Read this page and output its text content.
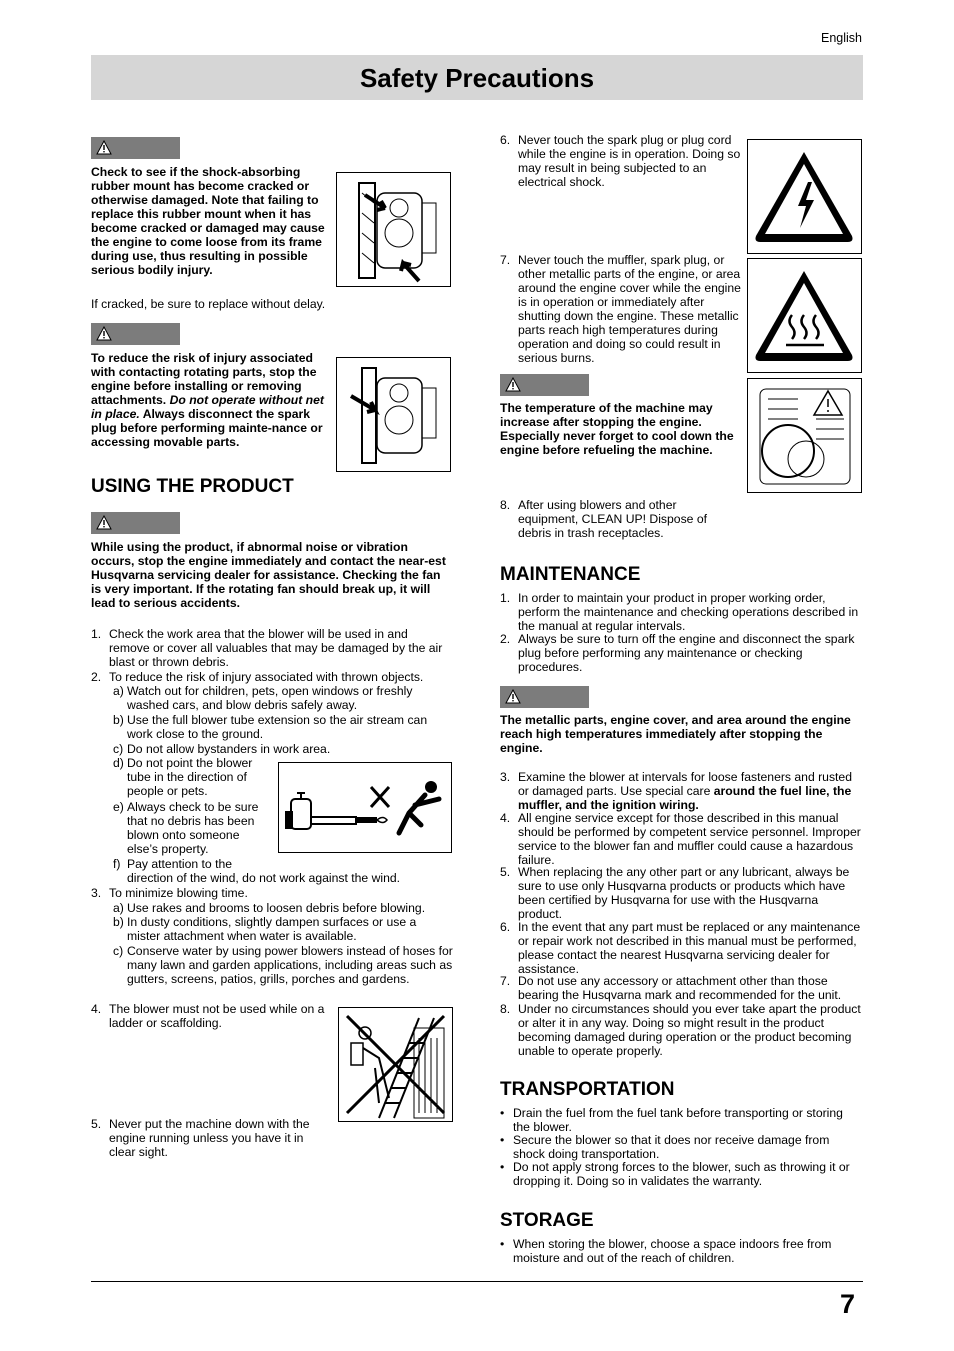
English
Safety Precautions

Check to see if the shock-absorbing rubber mount has become cracked or otherwise damaged. Note that failing to replace this rubber mount when it has become cracked or damaged may cause the engine to come loose from its frame during use, thus resulting in possible serious bodily injury.

If cracked, be sure to replace without delay.

To reduce the risk of injury associated with contacting rotating parts, stop the engine before installing or removing attachments. Do not operate without net in place. Always disconnect the spark plug before performing mainte-nance or accessing movable parts.

USING THE PRODUCT

While using the product, if abnormal noise or vibration occurs, stop the engine immediately and contact the near-est Husqvarna servicing dealer for assistance. Checking the fan is very important. If the rotating fan should break up, it will lead to serious accidents.

1. Check the work area that the blower will be used in and remove or cover all valuables that may be damaged by the air blast or thrown debris.

2. To reduce the risk of injury associated with thrown objects.

a) Watch out for children, pets, open windows or freshly washed cars, and blow debris safely away.

b) Use the full blower tube extension so the air stream can work close to the ground.

c) Do not allow bystanders in work area.

d) Do not point the blower tube in the direction of people or pets.

e) Always check to be sure that no debris has been blown onto someone else’s property.

f) Pay attention to the

direction of the wind, do not work against the wind.

3. To minimize blowing time.

a) Use rakes and brooms to loosen debris before blowing.

b) In dusty conditions, slightly dampen surfaces or use a mister attachment when water is available.

c) Conserve water by using power blowers instead of hoses for many lawn and garden applications, including areas such as gutters, screens, patios, grills, porches and gardens.

4. The blower must not be used while on a ladder or scaffolding.

5. Never put the machine down with the engine running unless you have it in clear sight.

6. Never touch the spark plug or plug cord while the engine is in operation. Doing so may result in being subjected to an electrical shock.

7. Never touch the muffler, spark plug, or other metallic parts of the engine, or area around the engine cover while the engine is in operation or immediately after shutting down the engine. These metallic parts reach high temperatures during operation and doing so could result in serious burns.

The temperature of the machine may increase after stopping the engine. Especially never forget to cool down the engine before refueling the machine.

8. After using blowers and other equipment, CLEAN UP! Dispose of debris in trash receptacles.

MAINTENANCE
1. In order to maintain your product in proper working order, perform the maintenance and checking operations described in the manual at regular intervals.

2. Always be sure to turn off the engine and disconnect the spark plug before performing any maintenance or checking procedures.

The metallic parts, engine cover, and area around the engine reach high temperatures immediately after stopping the engine.

3. Examine the blower at intervals for loose fasteners and rusted or damaged parts. Use special care around the fuel line, the muffler, and the ignition wiring.

4. All engine service except for those described in this manual should be performed by competent service personnel. Improper service to the blower fan and muffler could cause a hazardous failure.

5. When replacing the any other part or any lubricant, always be sure to use only Husqvarna products or products which have been certified by Husqvarna for use with the Husqvarna product.

6. In the event that any part must be replaced or any maintenance or repair work not described in this manual must be performed, please contact the nearest Husqvarna servicing dealer for assistance.

7. Do not use any accessory or attachment other than those bearing the Husqvarna mark and recommended for the unit.

8. Under no circumstances should you ever take apart the product or alter it in any way. Doing so might result in the product becoming damaged during operation or the product becoming unable to operate properly.

TRANSPORTATION
• Drain the fuel from the fuel tank before transporting or storing the blower.

• Secure the blower so that it does nor receive damage from shock doing transportation.

• Do not apply strong forces to the blower, such as throwing it or dropping it. Doing so in validates the warranty.

STORAGE
• When storing the blower, choose a space indoors free from moisture and out of the reach of children.

7
